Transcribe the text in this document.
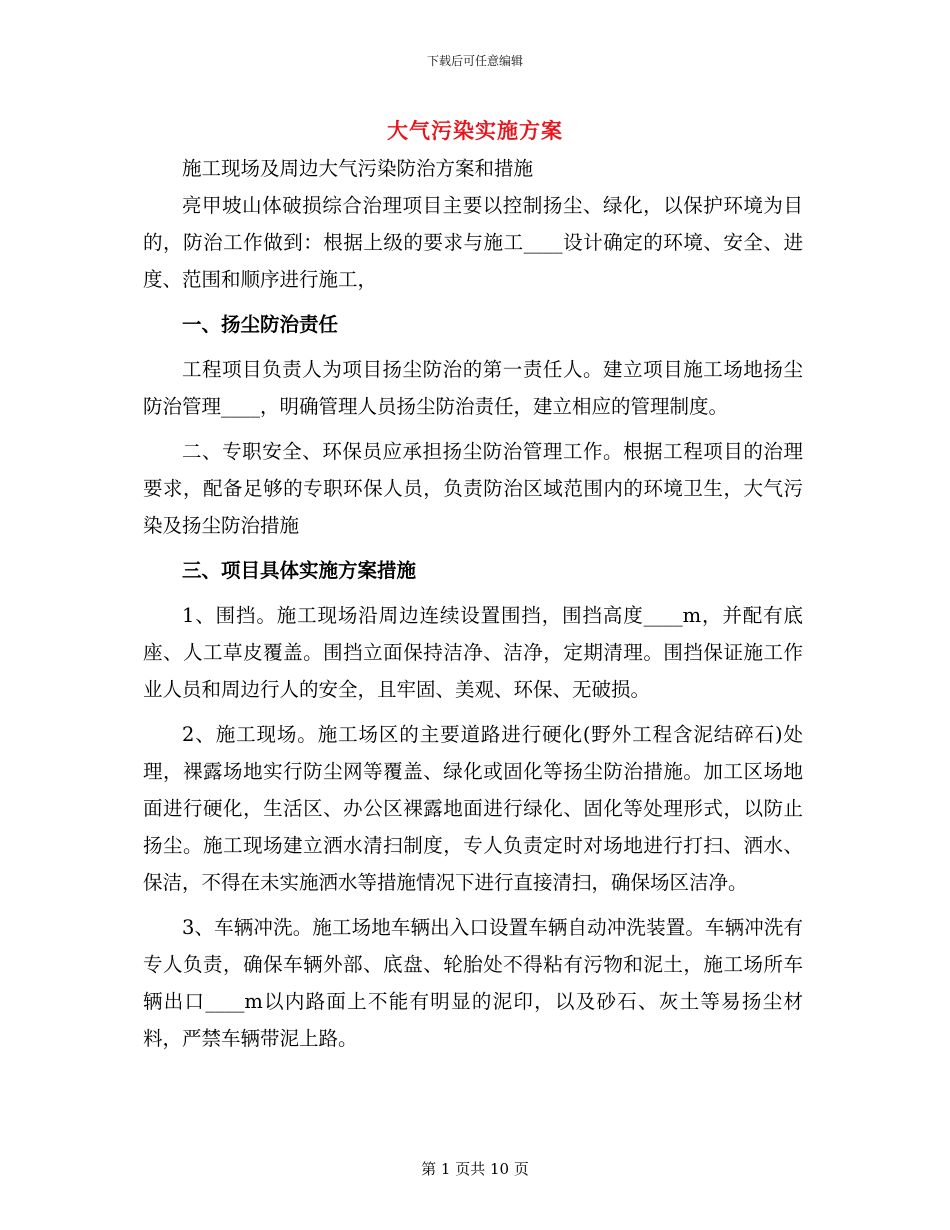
下载后可任意编辑
大气污染实施方案

施工现场及周边大气污染防治方案和措施

亮甲坡山体破损综合治理项目主要以控制扬尘、绿化，以保护环境为目的，防治工作做到：根据上级的要求与施工____设计确定的环境、安全、进度、范围和顺序进行施工，

一、扬尘防治责任

工程项目负责人为项目扬尘防治的第一责任人。建立项目施工场地扬尘防治管理____，明确管理人员扬尘防治责任，建立相应的管理制度。

二、专职安全、环保员应承担扬尘防治管理工作。根据工程项目的治理要求，配备足够的专职环保人员，负责防治区域范围内的环境卫生，大气污染及扬尘防治措施

三、项目具体实施方案措施

1、围挡。施工现场沿周边连续设置围挡，围挡高度____m，并配有底座、人工草皮覆盖。围挡立面保持洁净、洁净，定期清理。围挡保证施工作业人员和周边行人的安全，且牢固、美观、环保、无破损。

2、施工现场。施工场区的主要道路进行硬化(野外工程含泥结碎石)处理，裸露场地实行防尘网等覆盖、绿化或固化等扬尘防治措施。加工区场地面进行硬化，生活区、办公区裸露地面进行绿化、固化等处理形式，以防止扬尘。施工现场建立洒水清扫制度，专人负责定时对场地进行打扫、洒水、保洁，不得在未实施洒水等措施情况下进行直接清扫，确保场区洁净。

3、车辆冲洗。施工场地车辆出入口设置车辆自动冲洗装置。车辆冲洗有专人负责，确保车辆外部、底盘、轮胎处不得粘有污物和泥土，施工场所车辆出口____m以内路面上不能有明显的泥印，以及砂石、灰土等易扬尘材料，严禁车辆带泥上路。

第 1 页共 10 页
